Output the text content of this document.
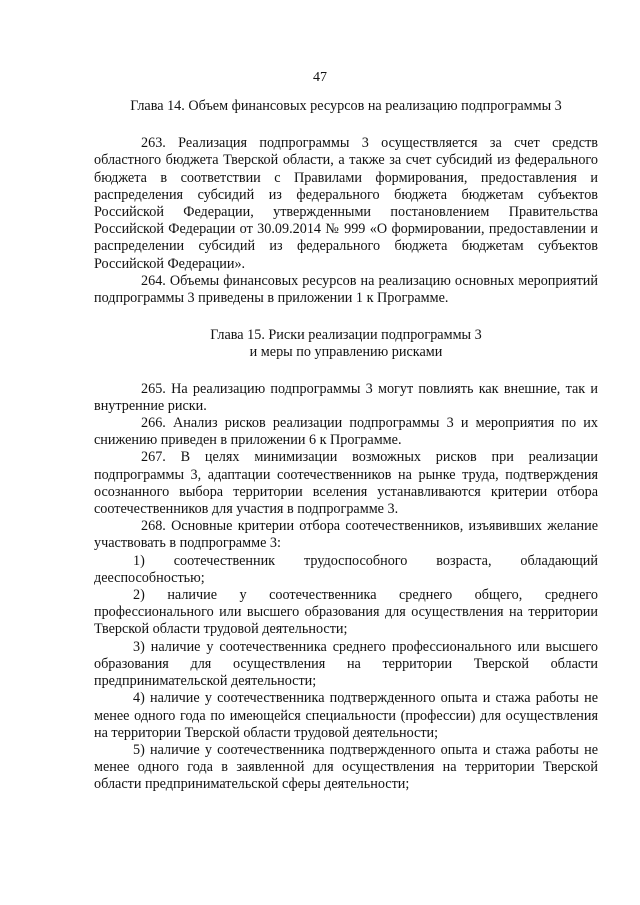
47
Глава 14. Объем финансовых ресурсов на реализацию подпрограммы 3

263. Реализация подпрограммы 3 осуществляется за счет средств областного бюджета Тверской области, а также за счет субсидий из федерального бюджета в соответствии с Правилами формирования, предоставления и распределения субсидий из федерального бюджета бюджетам субъектов Российской Федерации, утвержденными постановлением Правительства Российской Федерации от 30.09.2014 № 999 «О формировании, предоставлении и распределении субсидий из федерального бюджета бюджетам субъектов Российской Федерации».

264. Объемы финансовых ресурсов на реализацию основных мероприятий подпрограммы 3 приведены в приложении 1 к Программе.

Глава 15. Риски реализации подпрограммы 3
и меры по управлению рисками

265. На реализацию подпрограммы 3 могут повлиять как внешние, так и внутренние риски.

266. Анализ рисков реализации подпрограммы 3 и мероприятия по их снижению приведен в приложении 6 к Программе.

267. В целях минимизации возможных рисков при реализации подпрограммы 3, адаптации соотечественников на рынке труда, подтверждения осознанного выбора территории вселения устанавливаются критерии отбора соотечественников для участия в подпрограмме 3.

268. Основные критерии отбора соотечественников, изъявивших желание участвовать в подпрограмме 3:

1) соотечественник трудоспособного возраста, обладающий дееспособностью;

2) наличие у соотечественника среднего общего, среднего профессионального или высшего образования для осуществления на территории Тверской области трудовой деятельности;

3) наличие у соотечественника среднего профессионального или высшего образования для осуществления на территории Тверской области предпринимательской деятельности;

4) наличие у соотечественника подтвержденного опыта и стажа работы не менее одного года по имеющейся специальности (профессии) для осуществления на территории Тверской области трудовой деятельности;

5) наличие у соотечественника подтвержденного опыта и стажа работы не менее одного года в заявленной для осуществления на территории Тверской области предпринимательской сферы деятельности;
